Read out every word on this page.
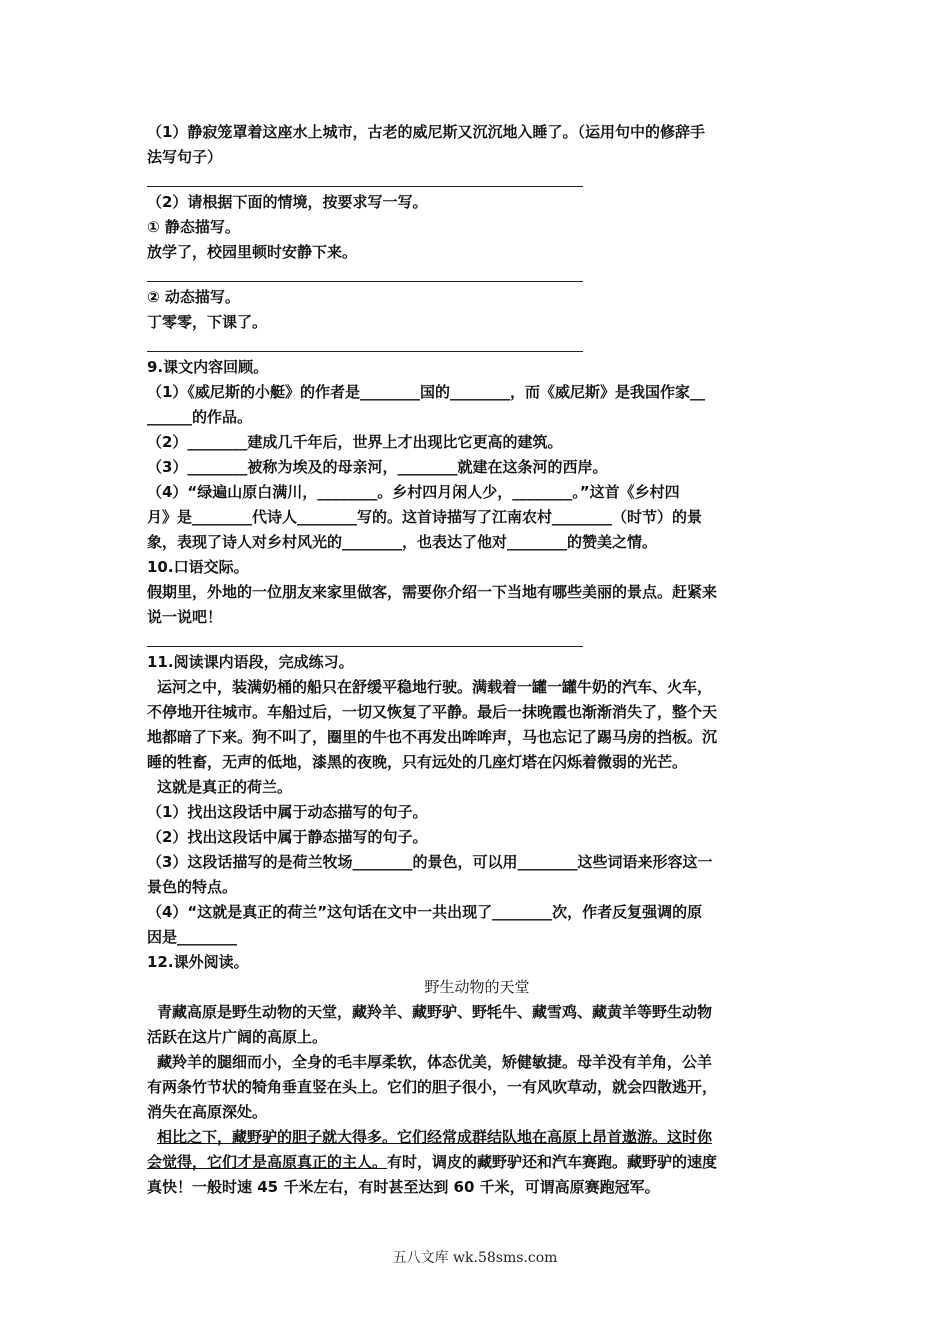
（1）静寂笼罩着这座水上城市，古老的威尼斯又沉沉地入睡了。（运用句中的修辞手

法写句子）

（2）请根据下面的情境，按要求写一写。

① 静态描写。

放学了，校园里顿时安静下来。

② 动态描写。

丁零零，下课了。

9.课文内容回顾。

（1）《威尼斯的小艇》的作者是________国的________，而《威尼斯》是我国作家__

______的作品。

（2）________建成几千年后，世界上才出现比它更高的建筑。

（3）________被称为埃及的母亲河，________就建在这条河的西岸。

（4）“绿遍山原白满川，________。乡村四月闲人少，________。”这首《乡村四

月》是________代诗人________写的。这首诗描写了江南农村________（时节）的景

象，表现了诗人对乡村风光的________，也表达了他对________的赞美之情。

10.口语交际。

假期里，外地的一位朋友来家里做客，需要你介绍一下当地有哪些美丽的景点。赶紧来

说一说吧！

11.阅读课内语段，完成练习。

运河之中，装满奶桶的船只在舒缓平稳地行驶。满载着一罐一罐牛奶的汽车、火车，

不停地开往城市。车船过后，一切又恢复了平静。最后一抹晚霞也渐渐消失了，整个天

地都暗了下来。狗不叫了，圈里的牛也不再发出哞哞声，马也忘记了踢马房的挡板。沉

睡的牲畜，无声的低地，漆黑的夜晚，只有远处的几座灯塔在闪烁着微弱的光芒。

这就是真正的荷兰。

（1）找出这段话中属于动态描写的句子。

（2）找出这段话中属于静态描写的句子。

（3）这段话描写的是荷兰牧场________的景色，可以用________这些词语来形容这一

景色的特点。

（4）“这就是真正的荷兰”这句话在文中一共出现了________次，作者反复强调的原

因是________

12.课外阅读。

野生动物的天堂

青藏高原是野生动物的天堂，藏羚羊、藏野驴、野牦牛、藏雪鸡、藏黄羊等野生动物

活跃在这片广阔的高原上。

藏羚羊的腿细而小，全身的毛丰厚柔软，体态优美，矫健敏捷。母羊没有羊角，公羊

有两条竹节状的犄角垂直竖在头上。它们的胆子很小，一有风吹草动，就会四散逃开，

消失在高原深处。

相比之下，藏野驴的胆子就大得多。它们经常成群结队地在高原上昂首遨游。这时你

会觉得，它们才是高原真正的主人。有时，调皮的藏野驴还和汽车赛跑。藏野驴的速度

真快！一般时速 45 千米左右，有时甚至达到 60 千米，可谓高原赛跑冠军。

五八文库 wk.58sms.com
